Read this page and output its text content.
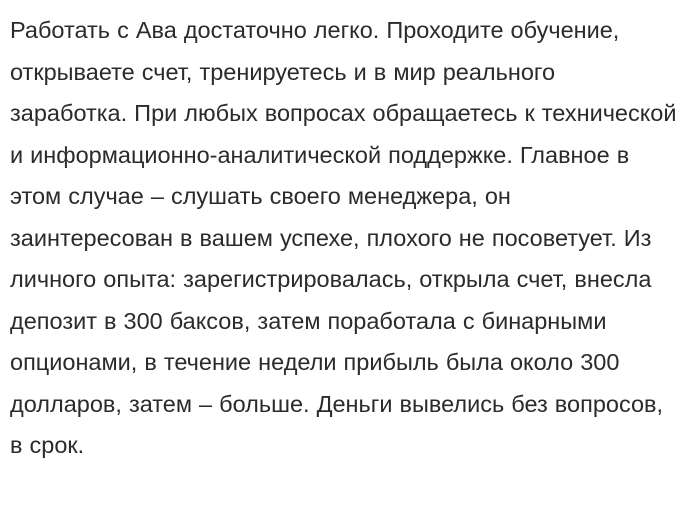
Работать с Ава достаточно легко. Проходите обучение, открываете счет, тренируетесь и в мир реального заработка. При любых вопросах обращаетесь к технической и информационно-аналитической поддержке. Главное в этом случае – слушать своего менеджера, он заинтересован в вашем успехе, плохого не посоветует. Из личного опыта: зарегистрировалась, открыла счет, внесла депозит в 300 баксов, затем поработала с бинарными опционами, в течение недели прибыль была около 300 долларов, затем – больше. Деньги вывелись без вопросов, в срок.
